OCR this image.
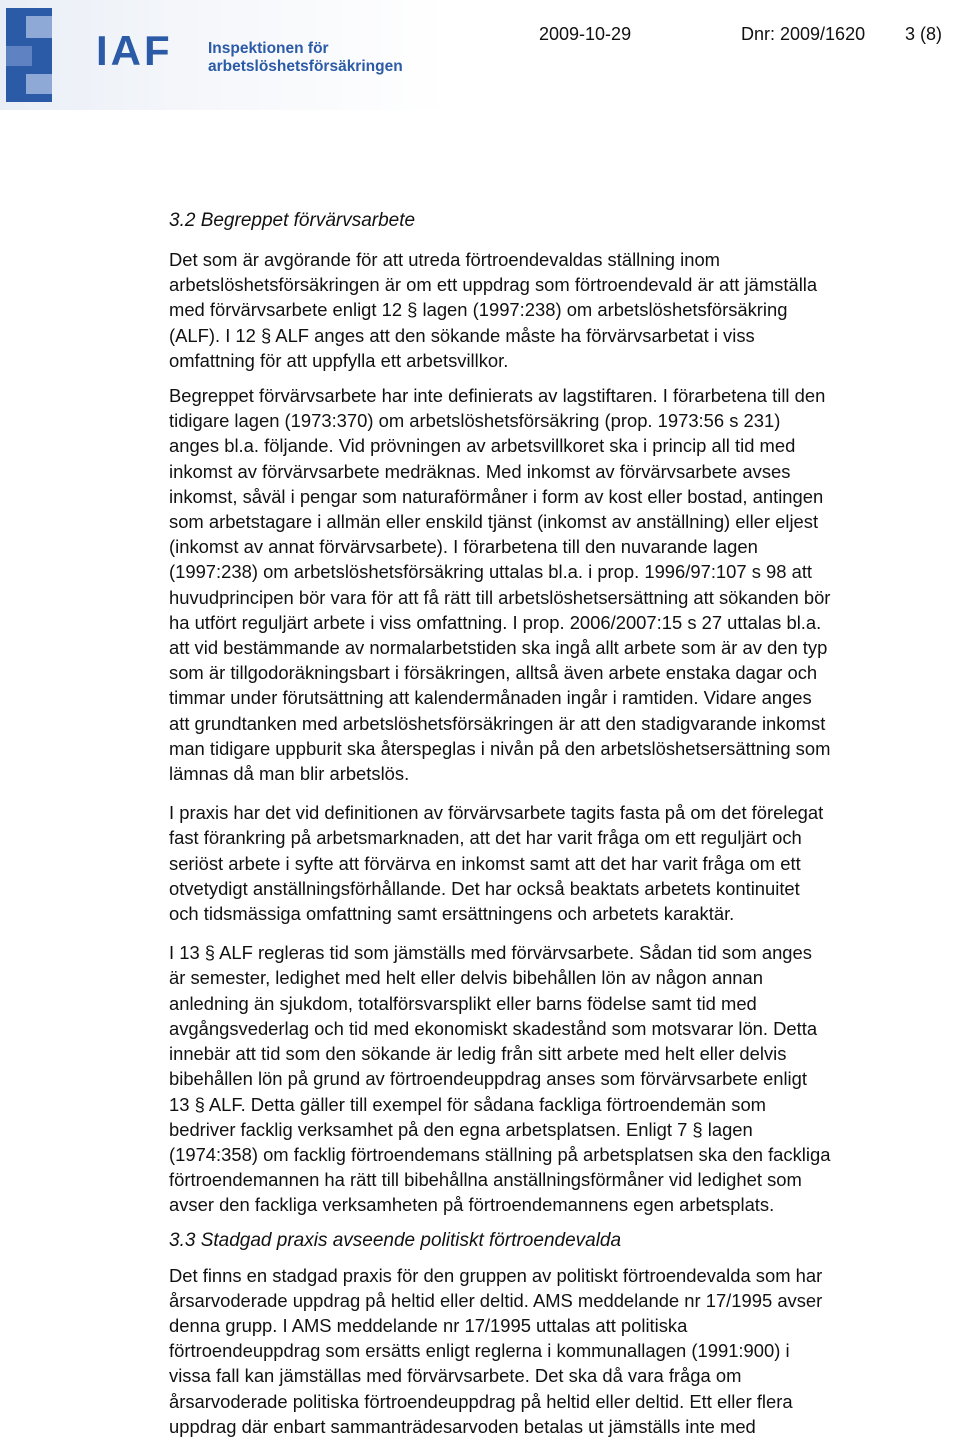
IAF Inspektionen för
arbetslöshetsförsäkringen
2009-10-29	Dnr: 2009/1620 3 (8)
3.2 Begreppet förvärvsarbete

Det som är avgörande för att utreda förtroendevaldas ställning inom

arbetslöshetsförsäkringen är om ett uppdrag som förtroendevald är att jämställa

med förvärvsarbete enligt 12 § lagen (1997:238) om arbetslöshetsförsäkring

(ALF). I 12 § ALF anges att den sökande måste ha förvärvsarbetat i viss

omfattning för att uppfylla ett arbetsvillkor.

Begreppet förvärvsarbete har inte definierats av lagstiftaren. I förarbetena till den

tidigare lagen (1973:370) om arbetslöshetsförsäkring (prop. 1973:56 s 231)

anges bl.a. följande. Vid prövningen av arbetsvillkoret ska i princip all tid med

inkomst av förvärvsarbete medräknas. Med inkomst av förvärvsarbete avses

inkomst, såväl i pengar som naturaförmåner i form av kost eller bostad, antingen

som arbetstagare i allmän eller enskild tjänst (inkomst av anställning) eller eljest

(inkomst av annat förvärvsarbete). I förarbetena till den nuvarande lagen

(1997:238) om arbetslöshetsförsäkring uttalas bl.a. i prop. 1996/97:107 s 98 att

huvudprincipen bör vara för att få rätt till arbetslöshetsersättning att sökanden bör

ha utfört reguljärt arbete i viss omfattning. I prop. 2006/2007:15 s 27 uttalas bl.a.

att vid bestämmande av normalarbetstiden ska ingå allt arbete som är av den typ

som är tillgodoräkningsbart i försäkringen, alltså även arbete enstaka dagar och

timmar under förutsättning att kalendermånaden ingår i ramtiden. Vidare anges

att grundtanken med arbetslöshetsförsäkringen är att den stadigvarande inkomst

man tidigare uppburit ska återspeglas i nivån på den arbetslöshetsersättning som

lämnas då man blir arbetslös.

I praxis har det vid definitionen av förvärvsarbete tagits fasta på om det förelegat

fast förankring på arbetsmarknaden, att det har varit fråga om ett reguljärt och

seriöst arbete i syfte att förvärva en inkomst samt att det har varit fråga om ett

otvetydigt anställningsförhållande. Det har också beaktats arbetets kontinuitet

och tidsmässiga omfattning samt ersättningens och arbetets karaktär.

I 13 § ALF regleras tid som jämställs med förvärvsarbete. Sådan tid som anges

är semester, ledighet med helt eller delvis bibehållen lön av någon annan

anledning än sjukdom, totalförsvarsplikt eller barns födelse samt tid med

avgångsvederlag och tid med ekonomiskt skadestånd som motsvarar lön. Detta

innebär att tid som den sökande är ledig från sitt arbete med helt eller delvis

bibehållen lön på grund av förtroendeuppdrag anses som förvärvsarbete enligt

13 § ALF. Detta gäller till exempel för sådana fackliga förtroendemän som

bedriver facklig verksamhet på den egna arbetsplatsen. Enligt 7 § lagen

(1974:358) om facklig förtroendemans ställning på arbetsplatsen ska den fackliga

förtroendemannen ha rätt till bibehållna anställningsförmåner vid ledighet som

avser den fackliga verksamheten på förtroendemannens egen arbetsplats.

3.3 Stadgad praxis avseende politiskt förtroendevalda

Det finns en stadgad praxis för den gruppen av politiskt förtroendevalda som har

årsarvoderade uppdrag på heltid eller deltid. AMS meddelande nr 17/1995 avser

denna grupp. I AMS meddelande nr 17/1995 uttalas att politiska

förtroendeuppdrag som ersätts enligt reglerna i kommunallagen (1991:900) i

vissa fall kan jämställas med förvärvsarbete. Det ska då vara fråga om

årsarvoderade politiska förtroendeuppdrag på heltid eller deltid. Ett eller flera

uppdrag där enbart sammanträdesarvoden betalas ut jämställs inte med
